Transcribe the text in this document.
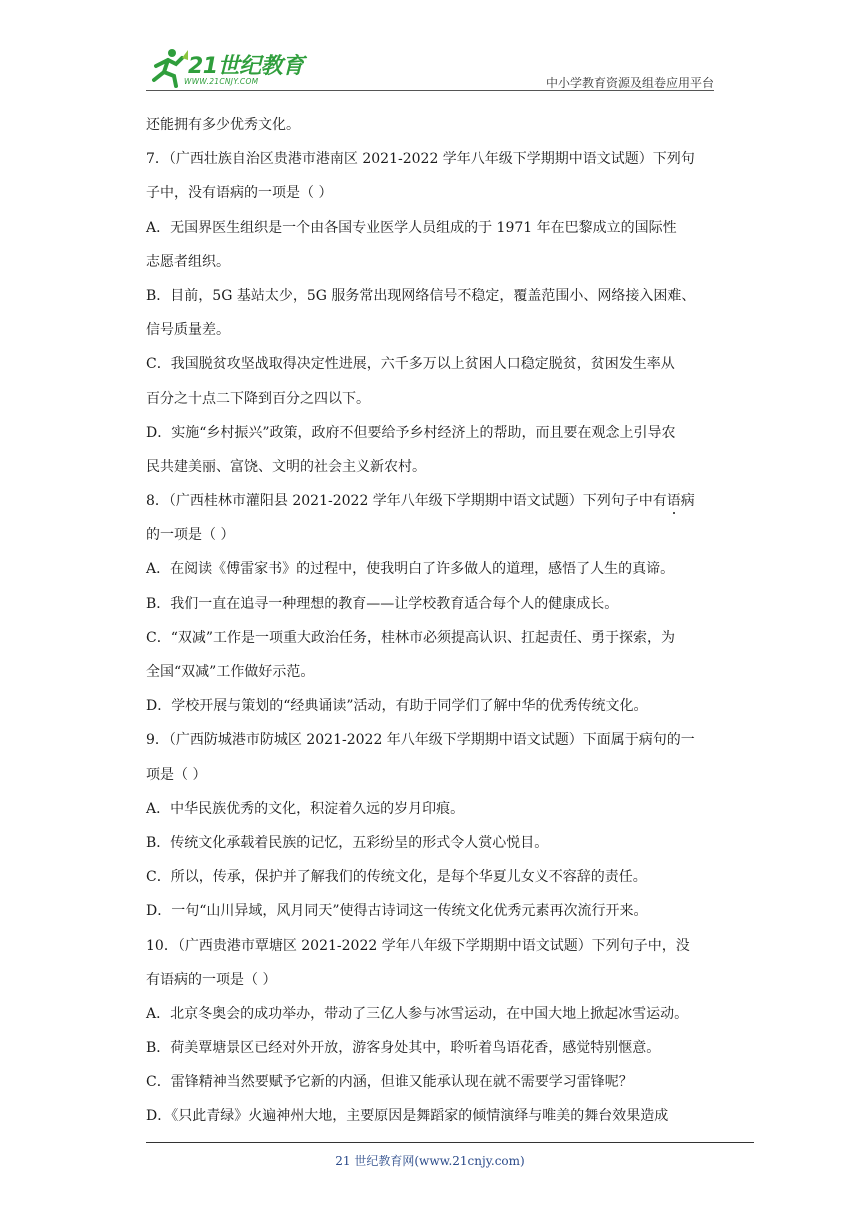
21世纪教育
WWW.21CNJY.COM	中小学教育资源及组卷应用平台
还能拥有多少优秀文化。
7．（广西壮族自治区贵港市港南区 2021-2022 学年八年级下学期期中语文试题）下列句
子中，没有语病的一项是（ ）
A．无国界医生组织是一个由各国专业医学人员组成的于 1971 年在巴黎成立的国际性
志愿者组织。
B．目前，5G 基站太少，5G 服务常出现网络信号不稳定，覆盖范围小、网络接入困难、
信号质量差。
C．我国脱贫攻坚战取得决定性进展，六千多万以上贫困人口稳定脱贫，贫困发生率从
百分之十点二下降到百分之四以下。
D．实施“乡村振兴”政策，政府不但要给予乡村经济上的帮助，而且要在观念上引导农
民共建美丽、富饶、文明的社会主义新农村。
8．（广西桂林市灌阳县 2021-2022 学年八年级下学期期中语文试题）下列句子中有语病
的一项是（ ）
A．在阅读《傅雷家书》的过程中，使我明白了许多做人的道理，感悟了人生的真谛。
B．我们一直在追寻一种理想的教育——让学校教育适合每个人的健康成长。
C．“双减”工作是一项重大政治任务，桂林市必须提高认识、扛起责任、勇于探索，为
全国“双减”工作做好示范。
D．学校开展与策划的“经典诵读”活动，有助于同学们了解中华的优秀传统文化。
9．（广西防城港市防城区 2021-2022 年八年级下学期期中语文试题）下面属于病句的一
项是（ ）
A．中华民族优秀的文化，积淀着久远的岁月印痕。
B．传统文化承载着民族的记忆，五彩纷呈的形式令人赏心悦目。
C．所以，传承，保护并了解我们的传统文化，是每个华夏儿女义不容辞的责任。
D．一句“山川异域，风月同天”使得古诗词这一传统文化优秀元素再次流行开来。
10．（广西贵港市覃塘区 2021-2022 学年八年级下学期期中语文试题）下列句子中，没
有语病的一项是（ ）
A．北京冬奥会的成功举办，带动了三亿人参与冰雪运动，在中国大地上掀起冰雪运动。
B．荷美覃塘景区已经对外开放，游客身处其中，聆听着鸟语花香，感觉特别惬意。
C．雷锋精神当然要赋予它新的内涵，但谁又能承认现在就不需要学习雷锋呢？
D．《只此青绿》火遍神州大地，主要原因是舞蹈家的倾情演绎与唯美的舞台效果造成
21 世纪教育网(www.21cnjy.com)
